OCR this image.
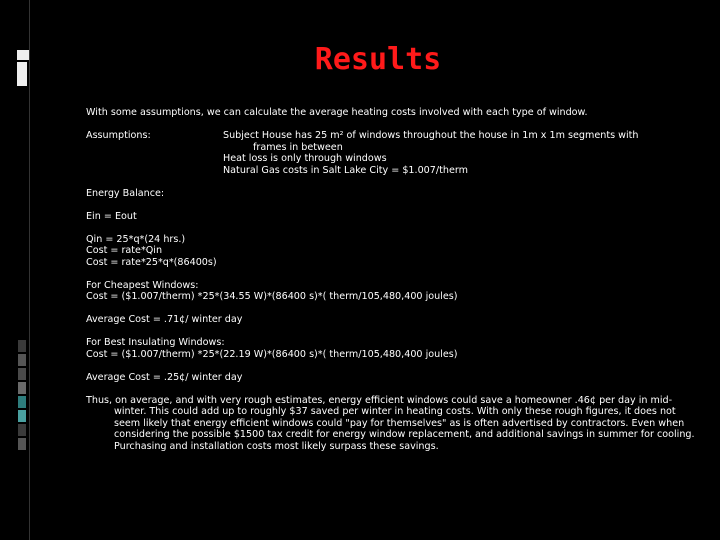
Results

With some assumptions, we can calculate the average heating costs involved with each type of window.

Assumptions:	Subject House has 25 m² of windows throughout the house in 1m x 1m segments with

frames in between

Heat loss is only through windows

Natural Gas costs in Salt Lake City = $1.007/therm

Energy Balance:

Ein = Eout

Qin = 25*q*(24 hrs.)

Cost = rate*Qin

Cost = rate*25*q*(86400s)

For Cheapest Windows:

Cost = ($1.007/therm) *25*(34.55 W)*(86400 s)*( therm/105,480,400 joules)

Average Cost = .71¢/ winter day

For Best Insulating Windows:

Cost = ($1.007/therm) *25*(22.19 W)*(86400 s)*( therm/105,480,400 joules)

Average Cost = .25¢/ winter day

Thus, on average, and with very rough estimates, energy efficient windows could save a homeowner .46¢ per day in mid-winter. This could add up to roughly $37 saved per winter in heating costs. With only these rough figures, it does not seem likely that energy efficient windows could "pay for themselves" as is often advertised by contractors. Even when considering the possible $1500 tax credit for energy window replacement, and additional savings in summer for cooling. Purchasing and installation costs most likely surpass these savings.
